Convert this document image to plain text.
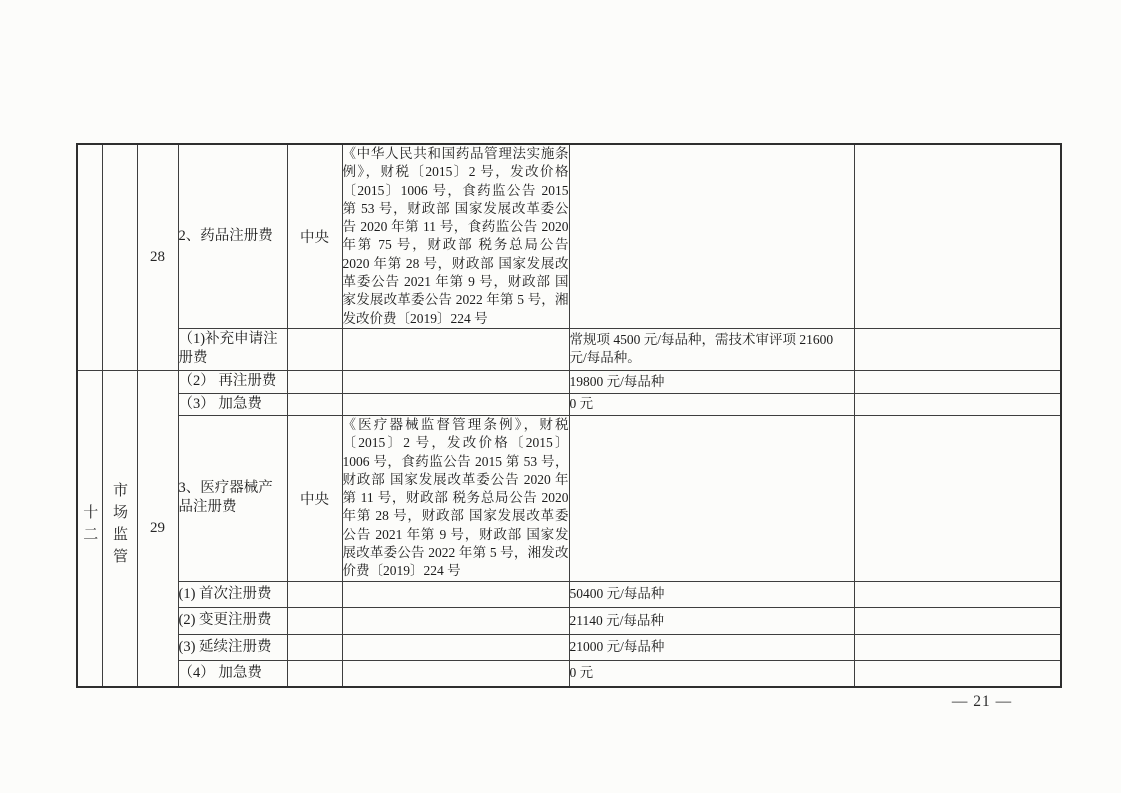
		28	2、药品注册费	中央	《中华人民共和国药品管理法实施条例》，财税〔2015〕2 号，发改价格〔2015〕1006 号，食药监公告 2015 第 53 号，财政部 国家发展改革委公告 2020 年第 11 号，食药监公告 2020 年第 75 号，财政部 税务总局公告 2020 年第 28 号，财政部 国家发展改革委公告 2021 年第 9 号，财政部 国家发展改革委公告 2022 年第 5 号，湘发改价费〔2019〕224 号		
			（1)补充申请注册费			常规项 4500 元/每品种，需技术审评项 21600 元/每品种。	
十二	市场监管	29	（2） 再注册费			19800 元/每品种	
			（3） 加急费			0 元	
			3、医疗器械产品注册费	中央	《医疗器械监督管理条例》，财税〔2015〕2 号，发改价格〔2015〕1006 号，食药监公告 2015 第 53 号，财政部 国家发展改革委公告 2020 年第 11 号，财政部 税务总局公告 2020 年第 28 号，财政部 国家发展改革委公告 2021 年第 9 号，财政部 国家发展改革委公告 2022 年第 5 号，湘发改价费〔2019〕224 号		
			(1) 首次注册费			50400 元/每品种	
			(2) 变更注册费			21140 元/每品种	
			(3) 延续注册费			21000 元/每品种	
			（4） 加急费			0 元	
— 21 —
